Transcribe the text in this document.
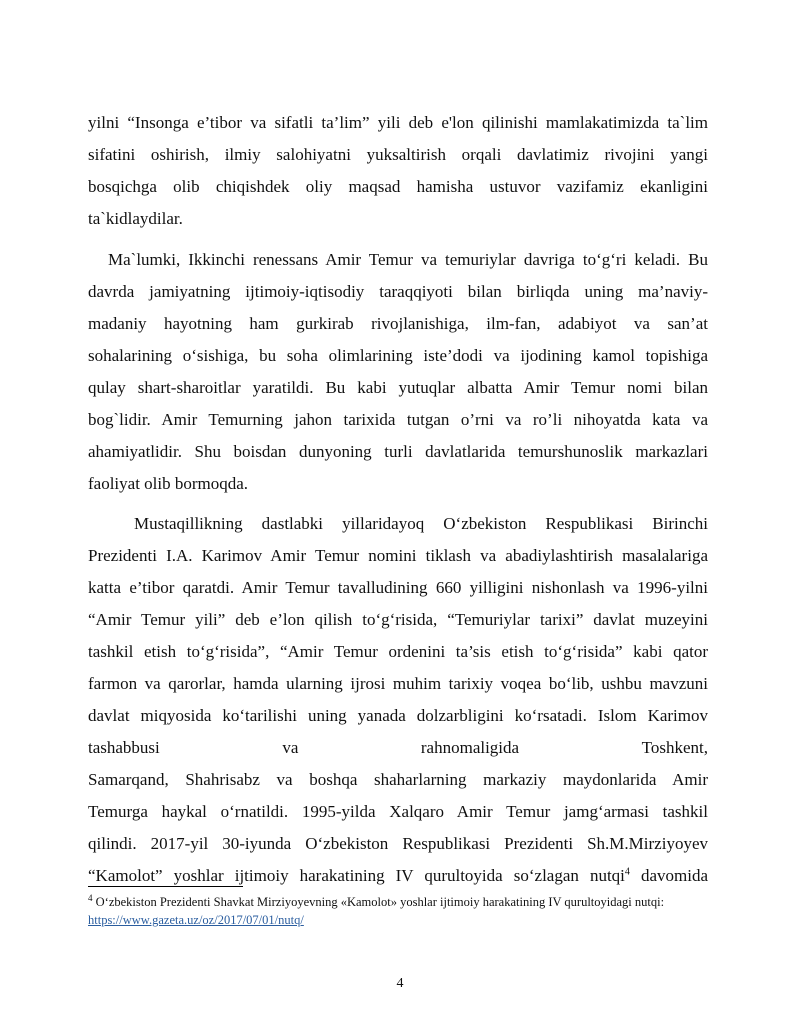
yilni “Insonga e’tibor va sifatli ta’lim” yili deb e'lon qilinishi mamlakatimizda ta`lim
sifatini oshirish, ilmiy salohiyatni yuksaltirish orqali davlatimiz rivojini yangi
bosqichga olib chiqishdek oliy maqsad hamisha ustuvor vazifamiz ekanligini
ta`kidlaydilar.

Ma`lumki, Ikkinchi renessans Amir Temur va temuriylar davriga to‘g‘ri keladi. Bu
davrda jamiyatning ijtimoiy-iqtisodiy taraqqiyoti bilan birliqda uning ma’naviy-
madaniy hayotning ham gurkirab rivojlanishiga, ilm-fan, adabiyot va san’at
sohalarining o‘sishiga, bu soha olimlarining iste’dodi va ijodining kamol topishiga
qulay shart-sharoitlar yaratildi. Bu kabi yutuqlar albatta Amir Temur nomi bilan
bog`lidir. Amir Temurning jahon tarixida tutgan o’rni va ro’li nihoyatda kata va
ahamiyatlidir. Shu boisdan dunyoning turli davlatlarida temurshunoslik markazlari
faoliyat olib bormoqda.

Mustaqillikning dastlabki yillaridayoq O‘zbekiston Respublikasi Birinchi
Prezidenti I.A. Karimov Amir Temur nomini tiklash va abadiylashtirish masalalariga
katta e’tibor qaratdi. Amir Temur tavalludining 660 yilligini nishonlash va 1996-yilni
“Amir Temur yili” deb e’lon qilish to‘g‘risida, “Temuriylar tarixi” davlat muzeyini
tashkil etish to‘g‘risida”, “Amir Temur ordenini ta’sis etish to‘g‘risida” kabi qator
farmon va qarorlar, hamda ularning ijrosi muhim tarixiy voqea bo‘lib, ushbu mavzuni
davlat miqyosida ko‘tarilishi uning yanada dolzarbligini ko‘rsatadi. Islom Karimov
tashabbusi	va	rahnomaligida	Toshkent,
Samarqand, Shahrisabz va boshqa shaharlarning markaziy maydonlarida Amir
Temurga haykal o‘rnatildi. 1995-yilda Xalqaro Amir Temur jamg‘armasi tashkil
qilindi. 2017-yil 30-iyunda O‘zbekiston Respublikasi Prezidenti Sh.M.Mirziyoyev
“Kamolot” yoshlar ijtimoiy harakatining IV qurultoyida so‘zlagan nutqi$^4$ davomida

$^4$ O‘zbekiston Prezidenti Shavkat Mirziyoyevning «Kamolot» yoshlar ijtimoiy harakatining IV qurultoyidagi nutqi:
https://www.gazeta.uz/oz/2017/07/01/nutq/
4
